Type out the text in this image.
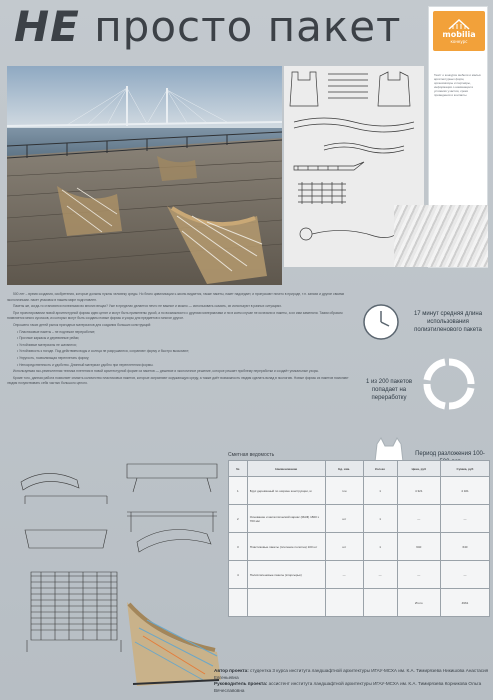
НЕ просто пакет	mobilia
конкурс
Текст о конкурсе мебели и малых архитектурных форм, организаторы и партнёры, информация о номинации и условиях участия, сроки проведения и контакты.

500 лет – время создания, изобретения, которые должны нужны человеку среды. Но благо цивилизации ь жизнь видается, также пакеты, пакет надоедает, и пропускают ничего в природе, т.н. запахи и другие своими экологичными. пакет упаковок в нашем мире подготовлен.

Пакеты же, когда-то становятся полезными во многих вещах? Уже в пределах делается нечто не важное и можно — использовать сказать, их используют в разных ситуациях.

При проектировании новой архитектурной формы идеи ценят и могут быть применены рукой, а по возможности с другими материалами и ни в коем случае не исчезали и пакеты, а их ими заменяли. Таким образом появляется много кусочков, из которых могут быть созданы новые формы и узоры для предметов и многое другое.

Опрошено таких детей рынок пригодных материалов для создания больших конструкций:

• Пластиковые пакеты – не подлежат переработке;

• Прочные каркасы и деревянные рейки;

• Устойчивые материалы не шатаются;

• Устойчивость к погоде. Под действием воды и солнца не разрушаются, сохраняют форму и быстро высыхают;

• Упругость, позволяющая переплетать форму;

• Непосредственность и удобство. Длинный материал удобно при переплетении формы.

Используемая эко-ремесленная техника плетения в новой архитектурной форме из пакетов — дешевое и экологичное решение, которое решает проблему переработки и создаёт уникальные узоры.

Кроме того, данная работа позволяет снизить количество пластиковых пакетов, которые загрязняют окружающую среду, а также даёт возможность людям сделать вклад в экологию. Новые формы из пакетов помогают людям почувствовать себя частью большого целого.

17 минут средняя длина использования полиэтиленового пакета
1 из 200 пакетов попадает на переработку
Период разложения 100-
Сметная ведомость
№	Наименование	Ед. изм.	Кол-во	Цена, руб	Сумма, руб
1	Брус деревянный по ширине конструкции, м	п.м	1	4 321	4 321
2	Основание и металлический каркас (МАФ) 1800 x 700 мм	шт	1	—	—
3	Пластиковые пакеты (плетение полотна) 100 шт	шт	1	640	640
4	Полиэтиленовые пакеты (вторсырьё)	—	—	—	—
				Итого	4961
Автор проекта: студентка 3 курса института ландшафтной архитектуры ИГАУ-МСХА им. К.А. Тимирязева Никишова Анастасия Евгеньевна
Руководитель проекта: ассистент института ландшафтной архитектуры ИГАУ-МСХА им. К.А. Тимирязева Корникова Ольга Вячеславовна
